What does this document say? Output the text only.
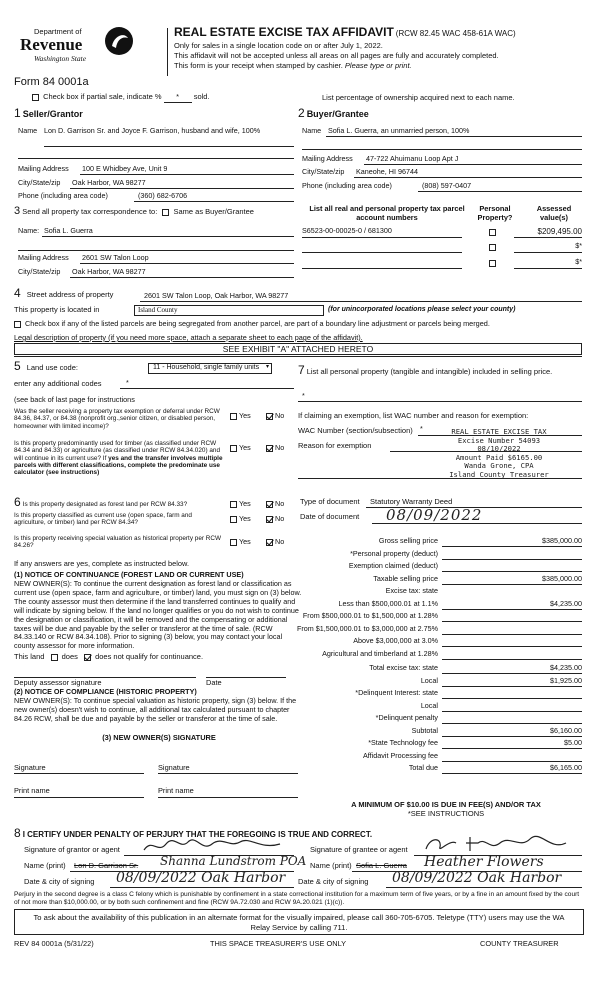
Department of
Revenue
Washington State
Form 84 0001a
REAL ESTATE EXCISE TAX AFFIDAVIT (RCW 82.45 WAC 458-61A WAC)
Only for sales in a single location code on or after July 1, 2022.
This affidavit will not be accepted unless all areas on all pages are fully and accurately completed.
This form is your receipt when stamped by cashier. Please type or print.
Check box if partial sale, indicate % * sold.	List percentage of ownership acquired next to each name.
1 Seller/Grantor
Name Lon D. Garrison Sr. and Joyce F. Garrison, husband and wife, 100%
Mailing Address 100 E Whidbey Ave, Unit 9
City/State/zip Oak Harbor, WA 98277
Phone (including area code)	(360) 682-6706
2 Buyer/Grantee
Name Sofia L. Guerra, an unmarried person, 100%
Mailing Address 47-722 Ahuimanu Loop Apt J
City/State/zip Kaneohe, HI 96744
Phone (including area code)	(808) 597-0407
3 Send all property tax correspondence to: Same as Buyer/Grantee
Name: Sofia L. Guerra
Mailing Address 2601 SW Talon Loop
City/State/zip Oak Harbor, WA 98277
List all real and personal property tax parcel account numbers
Personal Property?
Assessed value(s)
S6523-00-00025-0 / 681300	$209,495.00
$*
$*
4 Street address of property	2601 SW Talon Loop, Oak Harbor, WA 98277
This property is located in	Island County	(for unincorporated locations please select your county)
Check box if any of the listed parcels are being segregated from another parcel, are part of a boundary line adjustment or parcels being merged.
Legal description of property (if you need more space, attach a separate sheet to each page of the affidavit).
SEE EXHIBIT "A" ATTACHED HERETO
5 Land use code:	11 - Household, single family units ▾
enter any additional codes	*
(see back of last page for instructions
Was the seller receiving a property tax exemption or deferral under RCW 84.36, 84.37, or 84.38 (nonprofit org.,senior citizen, or disabled person, homeowner with limited income)?
Yes	No
Is this property predominantly used for timber (as classified under RCW 84.34 and 84.33) or agriculture (as classified under RCW 84.34.020) and will continue in its current use? If yes and the transfer involves multiple parcels with different classifications, complete the predominate use calculator (see instructions)
Yes	No
6 Is this property designated as forest land per RCW 84.33?	Yes	No
Is this property classified as current use (open space, farm and agriculture, or timber) land per RCW 84.34?	Yes	No
Is this property receiving special valuation as historical property per RCW 84.26?	Yes	No
If any answers are yes, complete as instructed below.
(1) NOTICE OF CONTINUANCE (FOREST LAND OR CURRENT USE)
NEW OWNER(S): To continue the current designation as forest land or classification as current use (open space, farm and agriculture, or timber) land, you must sign on (3) below. The county assessor must then determine if the land transferred continues to qualify and will indicate by signing below. If the land no longer qualifies or you do not wish to continue the designation or classification, it will be removed and the compensating or additional taxes will be due and payable by the seller or transferor at the time of sale. (RCW 84.33.140 or RCW 84.34.108). Prior to signing (3) below, you may contact your local county assessor for more information.
This land does does not qualify for continuance.
Deputy assessor signature	Date
(2) NOTICE OF COMPLIANCE (HISTORIC PROPERTY)
NEW OWNER(S): To continue special valuation as historic property, sign (3) below. If the new owner(s) doesn't wish to continue, all additional tax calculated pursuant to chapter 84.26 RCW, shall be due and payable by the seller or transferor at the time of sale.
(3) NEW OWNER(S) SIGNATURE
Signature	Signature
Print name	Print name
7 List all personal property (tangible and intangible) included in selling price.
*
If claiming an exemption, list WAC number and reason for exemption:
WAC Number (section/subsection) *
Reason for exemption
REAL ESTATE EXCISE TAX
Excise Number 54093
08/10/2022
Amount Paid $6165.00
Wanda Grone, CPA
Island County Treasurer
Type of document Statutory Warranty Deed
Date of document 08/09/2022
Gross selling price	$385,000.00
*Personal property (deduct)
Exemption claimed (deduct)
Taxable selling price	$385,000.00
Excise tax: state
Less than $500,000.01 at 1.1%	$4,235.00
From $500,000.01 to $1,500,000 at 1.28%
From $1,500,000.01 to $3,000,000 at 2.75%
Above $3,000,000 at 3.0%
Agricultural and timberland at 1.28%
Total excise tax: state	$4,235.00
Local	$1,925.00
*Delinquent Interest: state
Local
*Delinquent penalty
Subtotal	$6,160.00
*State Technology fee	$5.00
Affidavit Processing fee
Total due	$6,165.00
A MINIMUM OF $10.00 IS DUE IN FEE(S) AND/OR TAX
*SEE INSTRUCTIONS
8 I CERTIFY UNDER PENALTY OF PERJURY THAT THE FOREGOING IS TRUE AND CORRECT.
Signature of grantor or agent	Signature of grantee or agent
Name (print) Lon D. Garrison Sr. Shanna Lundstrom POA Name (print) Sofia L. Guerra Heather Flowers
Date & city of signing 08/09/2022 Oak Harbor Date & city of signing 08/09/2022 Oak Harbor
Perjury in the second degree is a class C felony which is punishable by confinement in a state correctional institution for a maximum term of five years, or by a fine in an amount fixed by the court of not more than $10,000.00, or by both such confinement and fine (RCW 9A.72.030 and RCW 9A.20.021 (1)(c)).
To ask about the availability of this publication in an alternate format for the visually impaired, please call 360-705-6705. Teletype (TTY) users may use the WA Relay Service by calling 711.
REV 84 0001a (5/31/22)	THIS SPACE TREASURER'S USE ONLY	COUNTY TREASURER
